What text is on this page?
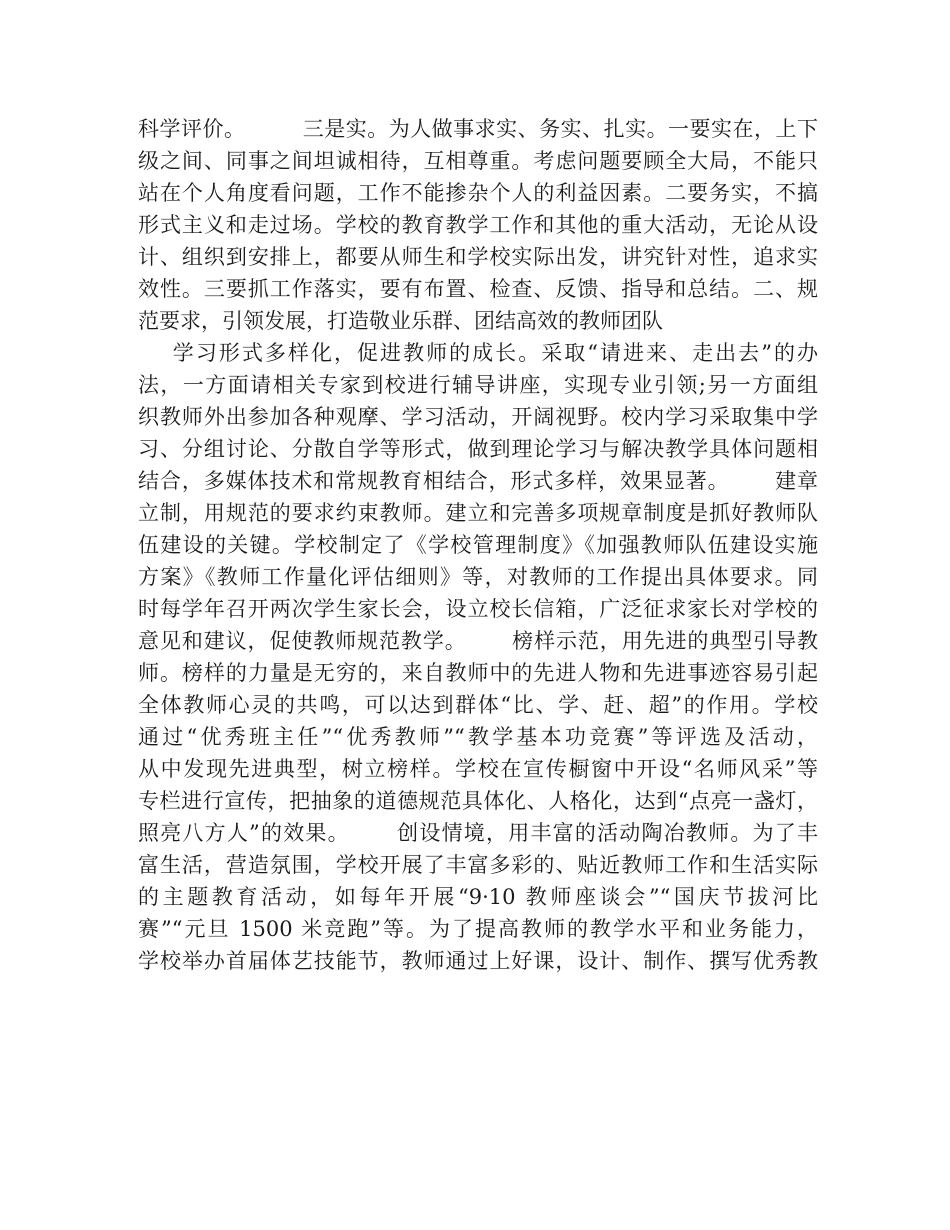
科学评价。        三是实。为人做事求实、务实、扎实。一要实在，上下
级之间、同事之间坦诚相待，互相尊重。考虑问题要顾全大局，不能只
站在个人角度看问题，工作不能掺杂个人的利益因素。二要务实，不搞
形式主义和走过场。学校的教育教学工作和其他的重大活动，无论从设
计、组织到安排上，都要从师生和学校实际出发，讲究针对性，追求实
效性。三要抓工作落实，要有布置、检查、反馈、指导和总结。二、规
范要求，引领发展，打造敬业乐群、团结高效的教师团队
学习形式多样化，促进教师的成长。采取“请进来、走出去”的办
法，一方面请相关专家到校进行辅导讲座，实现专业引领;另一方面组
织教师外出参加各种观摩、学习活动，开阔视野。校内学习采取集中学
习、分组讨论、分散自学等形式，做到理论学习与解决教学具体问题相
结合，多媒体技术和常规教育相结合，形式多样，效果显著。      建章
立制，用规范的要求约束教师。建立和完善多项规章制度是抓好教师队
伍建设的关键。学校制定了《学校管理制度》《加强教师队伍建设实施
方案》《教师工作量化评估细则》等，对教师的工作提出具体要求。同
时每学年召开两次学生家长会，设立校长信箱，广泛征求家长对学校的
意见和建议，促使教师规范教学。      榜样示范，用先进的典型引导教
师。榜样的力量是无穷的，来自教师中的先进人物和先进事迹容易引起
全体教师心灵的共鸣，可以达到群体“比、学、赶、超”的作用。学校
通过“优秀班主任”“优秀教师”“教学基本功竞赛”等评选及活动，
从中发现先进典型，树立榜样。学校在宣传橱窗中开设“名师风采”等
专栏进行宣传，把抽象的道德规范具体化、人格化，达到“点亮一盏灯，
照亮八方人”的效果。      创设情境，用丰富的活动陶冶教师。为了丰
富生活，营造氛围，学校开展了丰富多彩的、贴近教师工作和生活实际
的主题教育活动，如每年开展“9·10 教师座谈会”“国庆节拔河比
赛”“元旦 1500 米竞跑”等。为了提高教师的教学水平和业务能力，
学校举办首届体艺技能节，教师通过上好课，设计、制作、撰写优秀教
